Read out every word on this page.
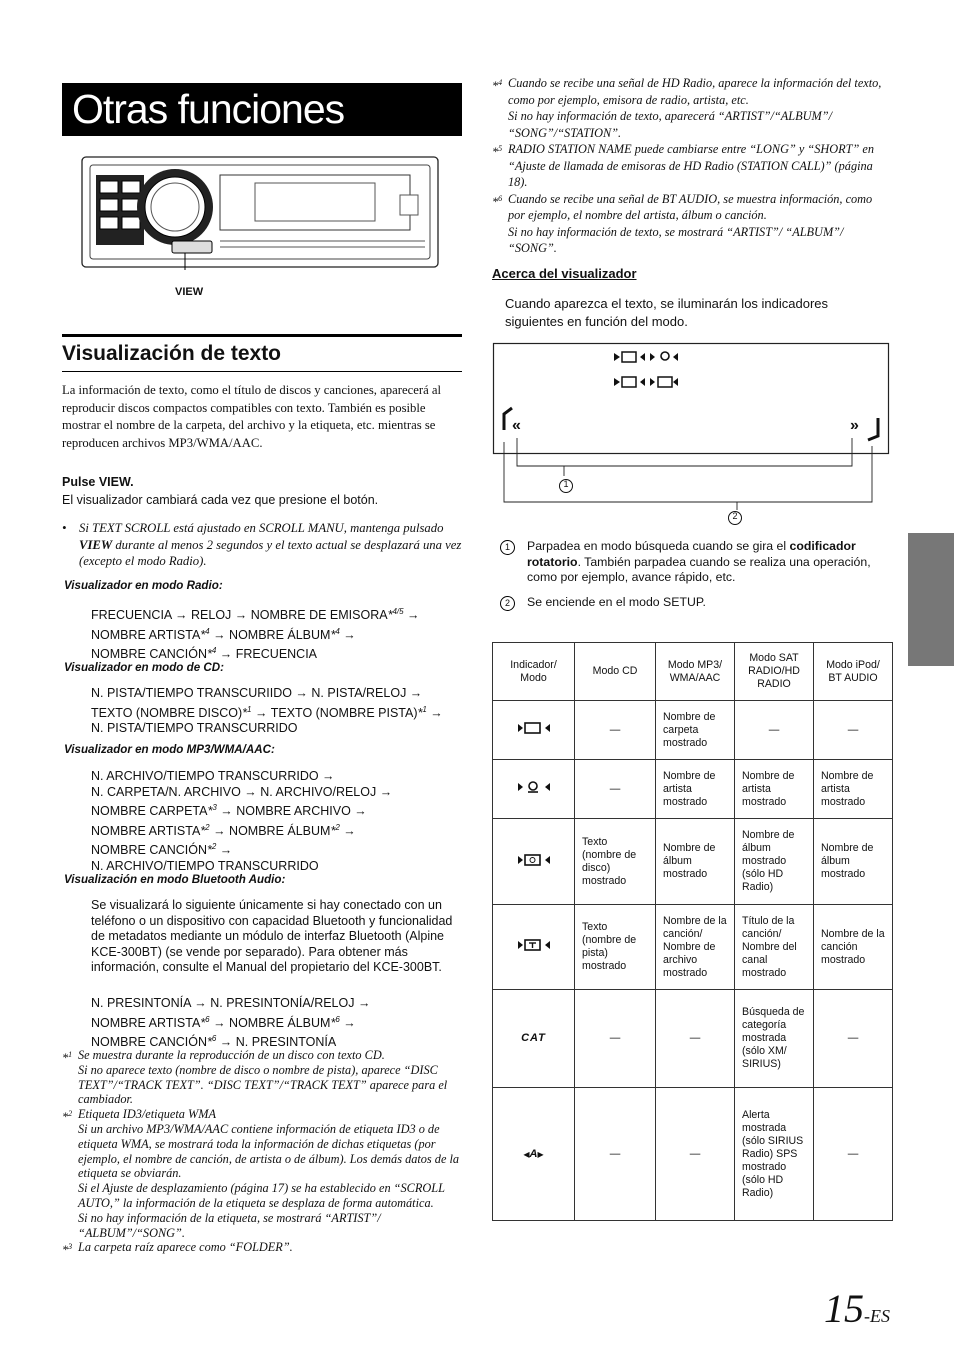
Otras funciones
VIEW
Visualización de texto
La información de texto, como el título de discos y canciones, aparecerá al reproducir discos compactos compatibles con texto. También es posible mostrar el nombre de la carpeta, del archivo y la etiqueta, etc. mientras se reproducen archivos MP3/WMA/AAC.
Pulse VIEW.
El visualizador cambiará cada vez que presione el botón.
• Si TEXT SCROLL está ajustado en SCROLL MANU, mantenga pulsado VIEW durante al menos 2 segundos y el texto actual se desplazará una vez (excepto el modo Radio).
Visualizador en modo Radio:
FRECUENCIA → RELOJ → NOMBRE DE EMISORA*$^{4/5}$ →
NOMBRE ARTISTA*$^4$ → NOMBRE ÁLBUM*$^4$ →
NOMBRE CANCIÓN*$^4$ → FRECUENCIA
Visualizador en modo de CD:
N. PISTA/TIEMPO TRANSCURIIDO → N. PISTA/RELOJ →
TEXTO (NOMBRE DISCO)*$^1$ → TEXTO (NOMBRE PISTA)*$^1$ →
N. PISTA/TIEMPO TRANSCURRIDO
Visualizador en modo MP3/WMA/AAC:
N. ARCHIVO/TIEMPO TRANSCURRIDO →
N. CARPETA/N. ARCHIVO → N. ARCHIVO/RELOJ →
NOMBRE CARPETA*$^3$ → NOMBRE ARCHIVO →
NOMBRE ARTISTA*$^2$ → NOMBRE ÁLBUM*$^2$ →
NOMBRE CANCIÓN*$^2$ →
N. ARCHIVO/TIEMPO TRANSCURRIDO
Visualización en modo Bluetooth Audio:
Se visualizará lo siguiente únicamente si hay conectado con un teléfono o un dispositivo con capacidad Bluetooth y funcionalidad de metadatos mediante un módulo de interfaz Bluetooth (Alpine KCE-300BT) (se vende por separado). Para obtener más información, consulte el Manual del propietario del KCE-300BT.
N. PRESINTONÍA → N. PRESINTONÍA/RELOJ →
NOMBRE ARTISTA*$^6$ → NOMBRE ÁLBUM*$^6$ →
NOMBRE CANCIÓN*$^6$ → N. PRESINTONÍA
*$^1$ Se muestra durante la reproducción de un disco con texto CD.
Si no aparece texto (nombre de disco o nombre de pista), aparece “DISC TEXT”/“TRACK TEXT”. “DISC TEXT”/“TRACK TEXT” aparece para el cambiador.
*$^2$ Etiqueta ID3/etiqueta WMA
Si un archivo MP3/WMA/AAC contiene información de etiqueta ID3 o de etiqueta WMA, se mostrará toda la información de dichas etiquetas (por ejemplo, el nombre de canción, de artista o de álbum). Los demás datos de la etiqueta se obviarán.
Si el Ajuste de desplazamiento (página 17) se ha establecido en “SCROLL AUTO,” la información de la etiqueta se desplaza de forma automática.
Si no hay información de la etiqueta, se mostrará “ARTIST”/ “ALBUM”/“SONG”.
*$^3$ La carpeta raíz aparece como “FOLDER”.
*$^4$ Cuando se recibe una señal de HD Radio, aparece la información del texto, como por ejemplo, emisora de radio, artista, etc.
Si no hay información de texto, aparecerá “ARTIST”/“ALBUM”/ “SONG”/“STATION”.
*$^5$ RADIO STATION NAME puede cambiarse entre “LONG” y “SHORT” en “Ajuste de llamada de emisoras de HD Radio (STATION CALL)” (página 18).
*$^6$ Cuando se recibe una señal de BT AUDIO, se muestra información, como por ejemplo, el nombre del artista, álbum o canción.
Si no hay información de texto, se mostrará “ARTIST”/ “ALBUM”/ “SONG”.
Acerca del visualizador
Cuando aparezca el texto, se iluminarán los indicadores siguientes en función del modo.
«	»
1
2
1	Parpadea en modo búsqueda cuando se gira el codificador rotatorio. También parpadea cuando se realiza una operación, como por ejemplo, avance rápido, etc.
2	Se enciende en el modo SETUP.
Indicador/ Modo	Modo CD	Modo MP3/ WMA/AAC	Modo SAT RADIO/HD RADIO	Modo iPod/ BT AUDIO
	—	Nombre de carpeta mostrado	—	—
	—	Nombre de artista mostrado	Nombre de artista mostrado	Nombre de artista mostrado
	Texto (nombre de disco) mostrado	Nombre de álbum mostrado	Nombre de álbum mostrado (sólo HD Radio)	Nombre de álbum mostrado
	Texto (nombre de pista) mostrado	Nombre de la canción/ Nombre de archivo mostrado	Título de la canción/ Nombre del canal mostrado	Nombre de la canción mostrado
CAT	—	—	Búsqueda de categoría mostrada (sólo XM/ SIRIUS)	—
◀A▶	—	—	Alerta mostrada (sólo SIRIUS Radio) SPS mostrado (sólo HD Radio)	—
15-ES
